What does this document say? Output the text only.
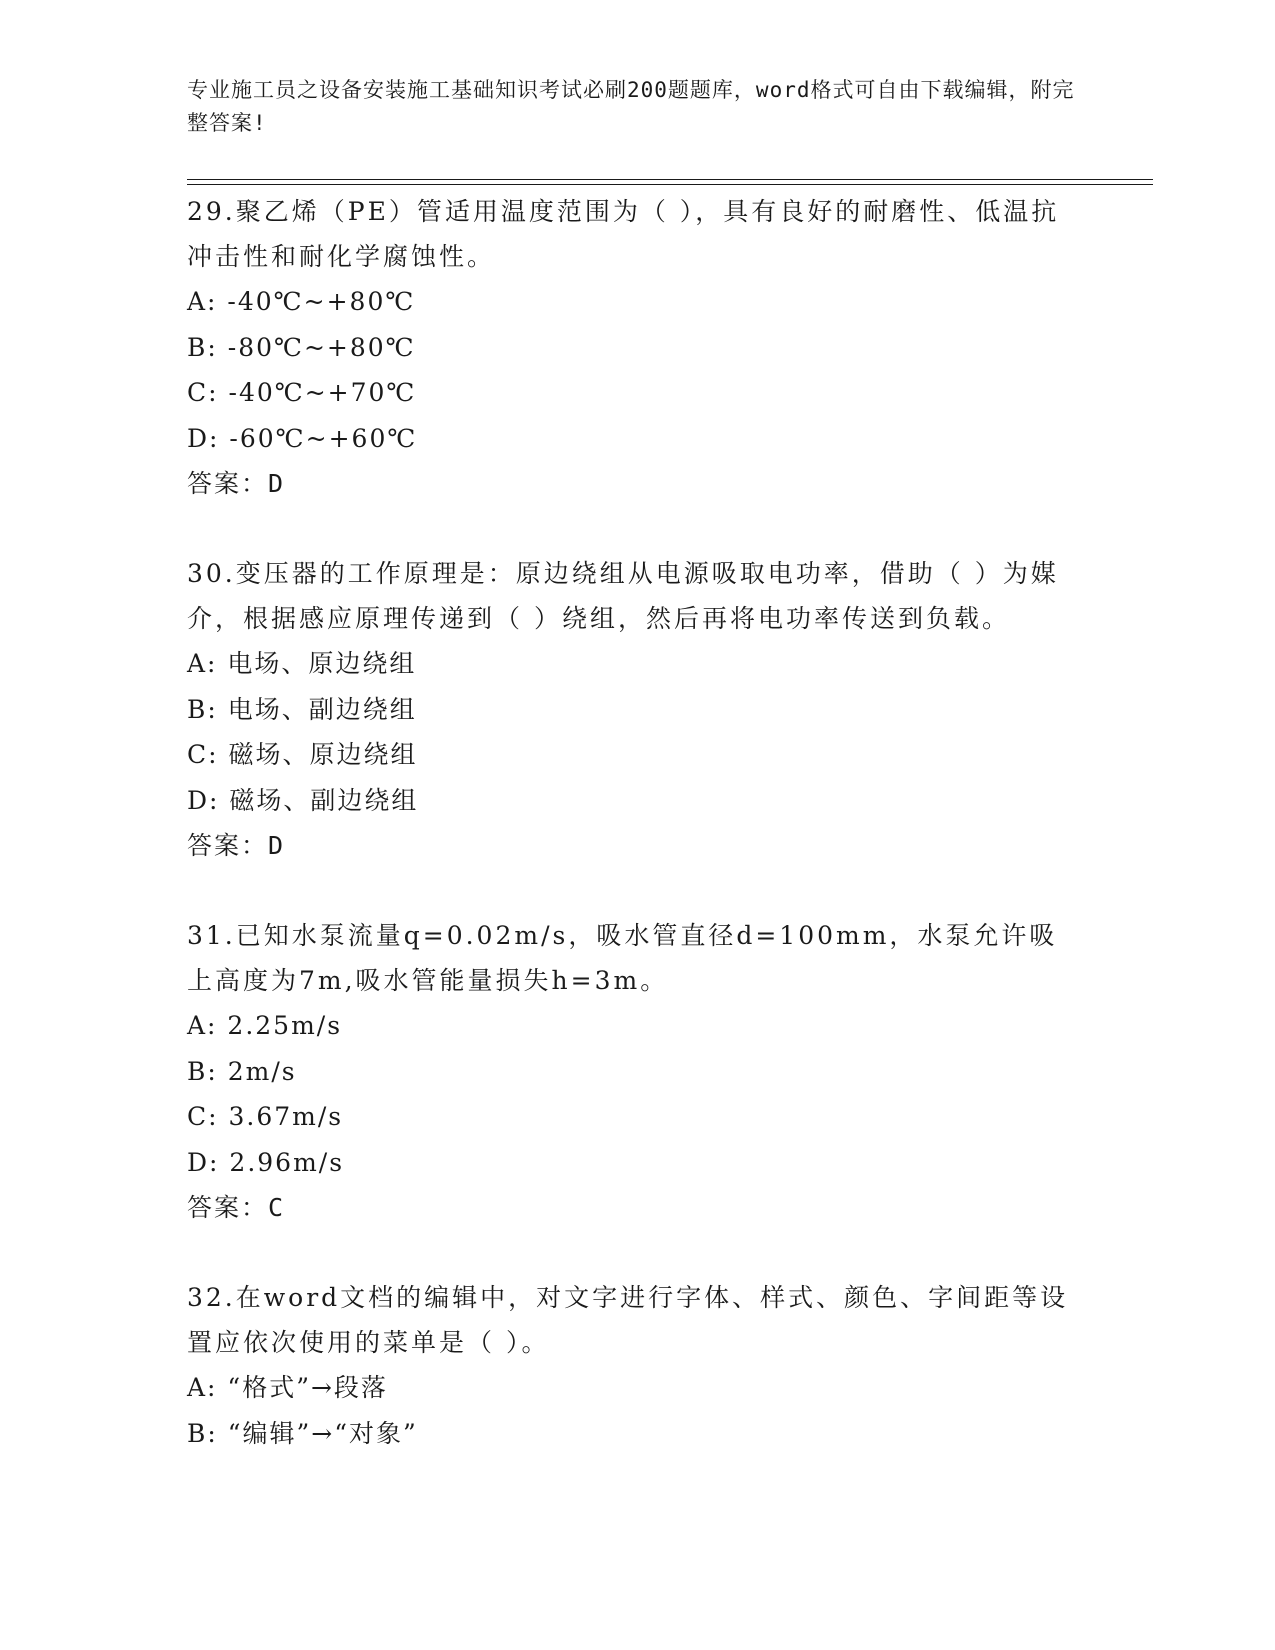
专业施工员之设备安装施工基础知识考试必刷200题题库，word格式可自由下载编辑，附完整答案!

29.聚乙烯（PE）管适用温度范围为（ ），具有良好的耐磨性、低温抗冲击性和耐化学腐蚀性。

A: -40℃~+80℃

B: -80℃~+80℃

C: -40℃~+70℃

D: -60℃~+60℃

答案：D

30.变压器的工作原理是：原边绕组从电源吸取电功率，借助（ ）为媒介，根据感应原理传递到（ ）绕组，然后再将电功率传送到负载。

A: 电场、原边绕组

B: 电场、副边绕组

C: 磁场、原边绕组

D: 磁场、副边绕组

答案：D

31.已知水泵流量q=0.02m/s，吸水管直径d=100mm，水泵允许吸上高度为7m,吸水管能量损失h=3m。

A: 2.25m/s

B: 2m/s

C: 3.67m/s

D: 2.96m/s

答案：C

32.在word文档的编辑中，对文字进行字体、样式、颜色、字间距等设置应依次使用的菜单是（ ）。

A: “格式”→段落

B: “编辑”→“对象”
